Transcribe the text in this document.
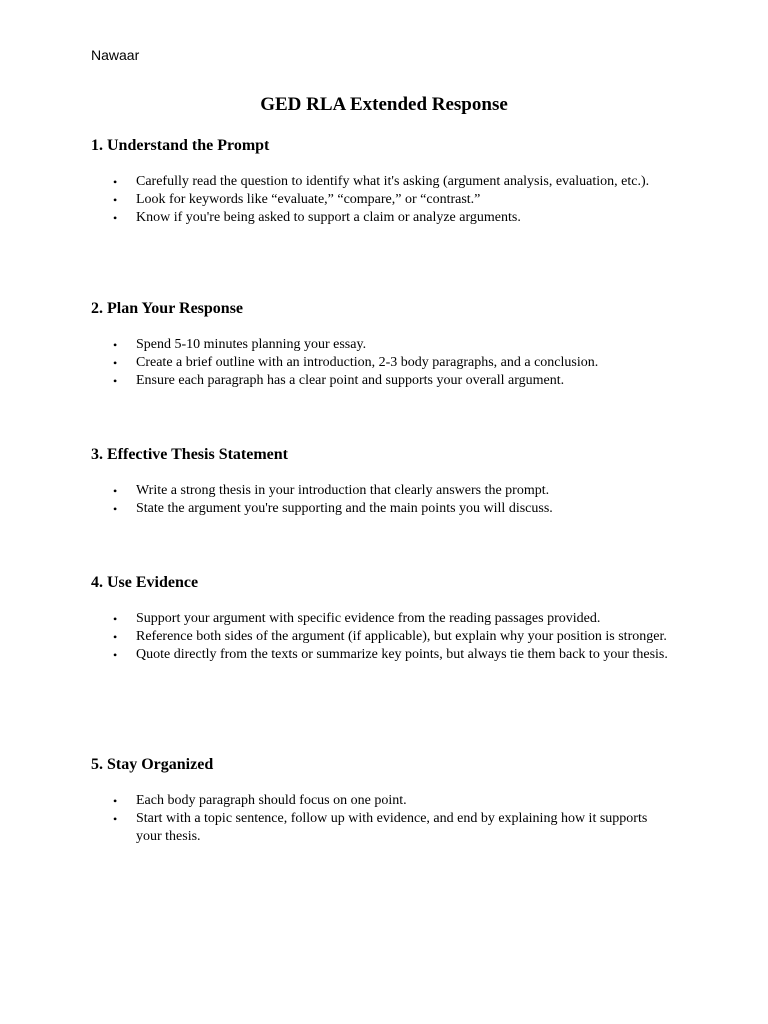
Nawaar
GED RLA Extended Response
1. Understand the Prompt
• Carefully read the question to identify what it's asking (argument analysis, evaluation, etc.).
• Look for keywords like “evaluate,” “compare,” or “contrast.”
• Know if you're being asked to support a claim or analyze arguments.
2. Plan Your Response
• Spend 5-10 minutes planning your essay.
• Create a brief outline with an introduction, 2-3 body paragraphs, and a conclusion.
• Ensure each paragraph has a clear point and supports your overall argument.
3. Effective Thesis Statement
• Write a strong thesis in your introduction that clearly answers the prompt.
• State the argument you're supporting and the main points you will discuss.
4. Use Evidence
• Support your argument with specific evidence from the reading passages provided.
• Reference both sides of the argument (if applicable), but explain why your position is stronger.
• Quote directly from the texts or summarize key points, but always tie them back to your thesis.
5. Stay Organized
• Each body paragraph should focus on one point.
• Start with a topic sentence, follow up with evidence, and end by explaining how it supports your thesis.
